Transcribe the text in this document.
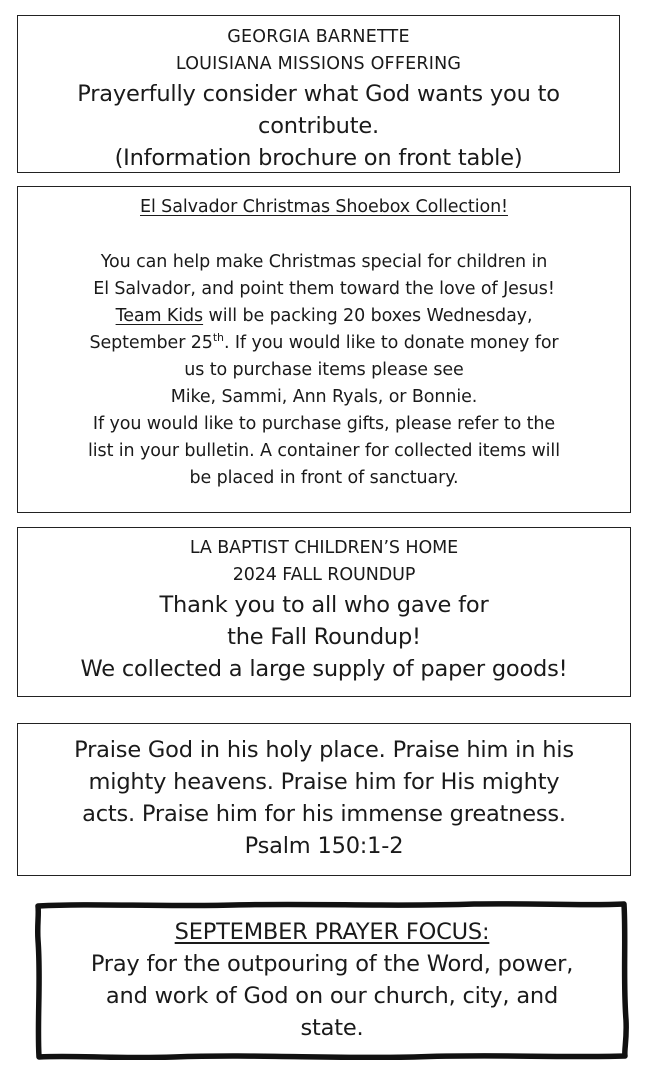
GEORGIA BARNETTE
LOUISIANA MISSIONS OFFERING
Prayerfully consider what God wants you to
contribute.
(Information brochure on front table)
El Salvador Christmas Shoebox Collection!
You can help make Christmas special for children in
El Salvador, and point them toward the love of Jesus!
Team Kids will be packing 20 boxes Wednesday,
September 25th. If you would like to donate money for
us to purchase items please see
Mike, Sammi, Ann Ryals, or Bonnie.
If you would like to purchase gifts, please refer to the
list in your bulletin. A container for collected items will
be placed in front of sanctuary.
LA BAPTIST CHILDREN’S HOME
2024 FALL ROUNDUP
Thank you to all who gave for
the Fall Roundup!
We collected a large supply of paper goods!
Praise God in his holy place. Praise him in his
mighty heavens. Praise him for His mighty
acts. Praise him for his immense greatness.
Psalm 150:1-2
SEPTEMBER PRAYER FOCUS:
Pray for the outpouring of the Word, power,
and work of God on our church, city, and
state.
